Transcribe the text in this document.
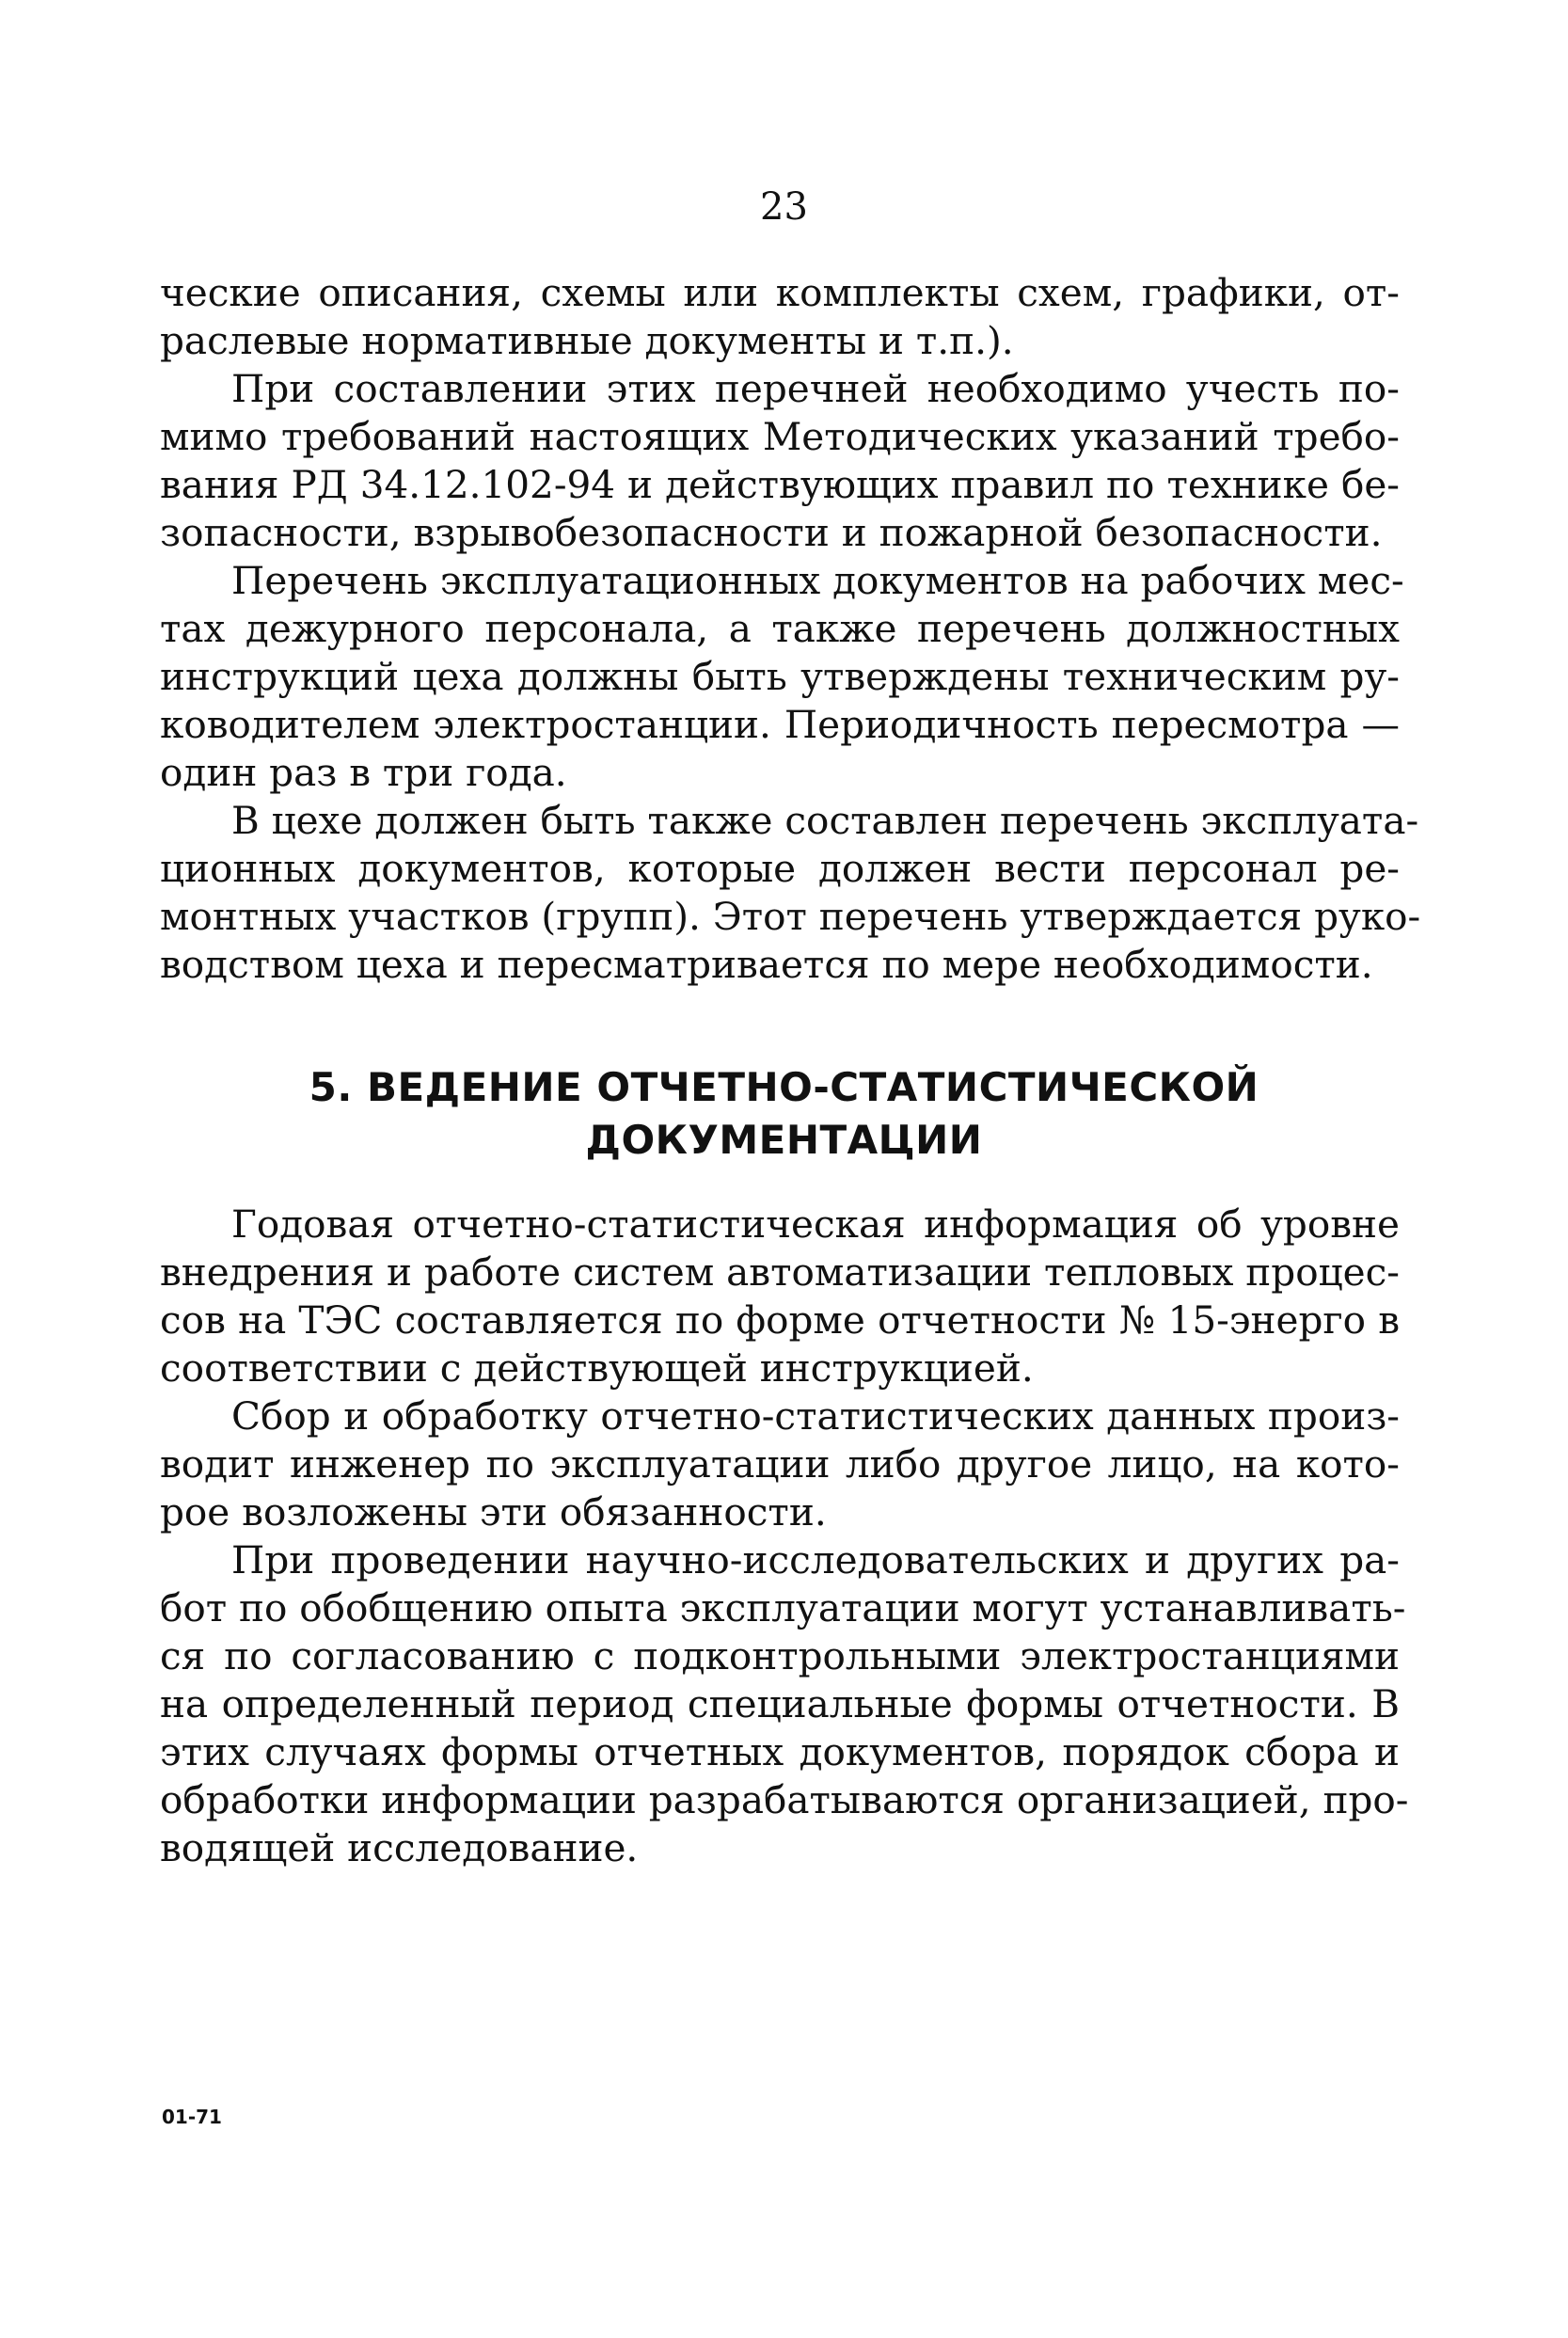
23
ческие описания, схемы или комплекты схем, графики, от-
раслевые нормативные документы и т.п.).
При составлении этих перечней необходимо учесть по-
мимо требований настоящих Методических указаний требо-
вания РД 34.12.102-94 и действующих правил по технике бе-
зопасности, взрывобезопасности и пожарной безопасности.
Перечень эксплуатационных документов на рабочих мес-
тах дежурного персонала, а также перечень должностных
инструкций цеха должны быть утверждены техническим ру-
ководителем электростанции. Периодичность пересмотра —
один раз в три года.
В цехе должен быть также составлен перечень эксплуата-
ционных документов, которые должен вести персонал ре-
монтных участков (групп). Этот перечень утверждается руко-
водством цеха и пересматривается по мере необходимости.
5. ВЕДЕНИЕ ОТЧЕТНО-СТАТИСТИЧЕСКОЙ
ДОКУМЕНТАЦИИ
Годовая отчетно-статистическая информация об уровне
внедрения и работе систем автоматизации тепловых процес-
сов на ТЭС составляется по форме отчетности № 15-энерго в
соответствии с действующей инструкцией.
Сбор и обработку отчетно-статистических данных произ-
водит инженер по эксплуатации либо другое лицо, на кото-
рое возложены эти обязанности.
При проведении научно-исследовательских и других ра-
бот по обобщению опыта эксплуатации могут устанавливать-
ся по согласованию с подконтрольными электростанциями
на определенный период специальные формы отчетности. В
этих случаях формы отчетных документов, порядок сбора и
обработки информации разрабатываются организацией, про-
водящей исследование.
01-71
